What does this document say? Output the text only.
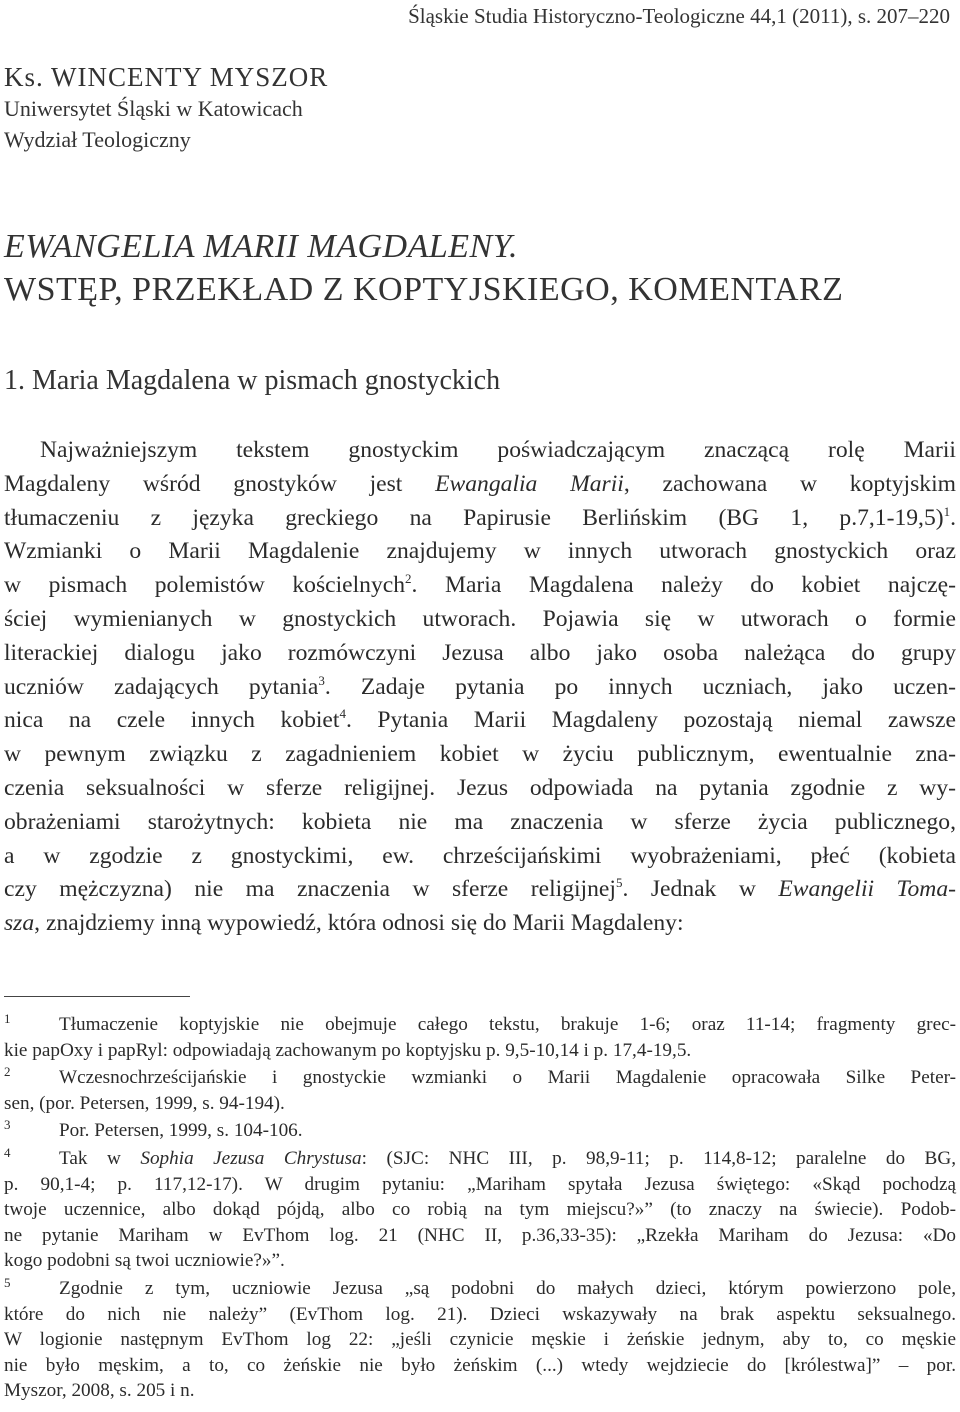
Śląskie Studia Historyczno-Teologiczne 44,1 (2011), s. 207–220
Ks. WINCENTY MYSZOR
Uniwersytet Śląski w Katowicach
Wydział Teologiczny
EWANGELIA MARII MAGDALENY.
WSTĘP, PRZEKŁAD Z KOPTYJSKIEGO, KOMENTARZ
1. Maria Magdalena w pismach gnostyckich
Najważniejszym tekstem gnostyckim poświadczającym znaczącą rolę Marii
Magdaleny wśród gnostyków jest Ewangalia Marii, zachowana w koptyjskim
tłumaczeniu z języka greckiego na Papirusie Berlińskim (BG 1, p.7,1-19,5)$^1$.
Wzmianki o Marii Magdalenie znajdujemy w innych utworach gnostyckich oraz
w pismach polemistów kościelnych$^2$. Maria Magdalena należy do kobiet najczę-
ściej wymienianych w gnostyckich utworach. Pojawia się w utworach o formie
literackiej dialogu jako rozmówczyni Jezusa albo jako osoba należąca do grupy
uczniów zadających pytania$^3$. Zadaje pytania po innych uczniach, jako uczen-
nica na czele innych kobiet$^4$. Pytania Marii Magdaleny pozostają niemal zawsze
w pewnym związku z zagadnieniem kobiet w życiu publicznym, ewentualnie zna-
czenia seksualności w sferze religijnej. Jezus odpowiada na pytania zgodnie z wy-
obrażeniami starożytnych: kobieta nie ma znaczenia w sferze życia publicznego,
a w zgodzie z gnostyckimi, ew. chrześcijańskimi wyobrażeniami, płeć (kobieta
czy mężczyzna) nie ma znaczenia w sferze religijnej$^5$. Jednak w Ewangelii Toma-
sza, znajdziemy inną wypowiedź, która odnosi się do Marii Magdaleny:
$^1$	Tłumaczenie koptyjskie nie obejmuje całego tekstu, brakuje 1-6; oraz 11-14; fragmenty grec-
kie papOxy i papRyl: odpowiadają zachowanym po koptyjsku p. 9,5-10,14 i p. 17,4-19,5.
$^2$	Wczesnochrześcijańskie i gnostyckie wzmianki o Marii Magdalenie opracowała Silke Peter-
sen, (por. Petersen, 1999, s. 94-194).
$^3$	Por. Petersen, 1999, s. 104-106.
$^4$	Tak w Sophia Jezusa Chrystusa: (SJC: NHC III, p. 98,9-11; p. 114,8-12; paralelne do BG,
p. 90,1-4; p. 117,12-17). W drugim pytaniu: „Mariham spytała Jezusa świętego: «Skąd pochodzą
twoje uczennice, albo dokąd pójdą, albo co robią na tym miejscu?»” (to znaczy na świecie). Podob-
ne pytanie Mariham w EvThom log. 21 (NHC II, p.36,33-35): „Rzekła Mariham do Jezusa: «Do
kogo podobni są twoi uczniowie?»”.
$^5$	Zgodnie z tym, uczniowie Jezusa „są podobni do małych dzieci, którym powierzono pole,
które do nich nie należy” (EvThom log. 21). Dzieci wskazywały na brak aspektu seksualnego.
W logionie następnym EvThom log 22: „jeśli czynicie męskie i żeńskie jednym, aby to, co męskie
nie było męskim, a to, co żeńskie nie było żeńskim (...) wtedy wejdziecie do [królestwa]” – por.
Myszor, 2008, s. 205 i n.
